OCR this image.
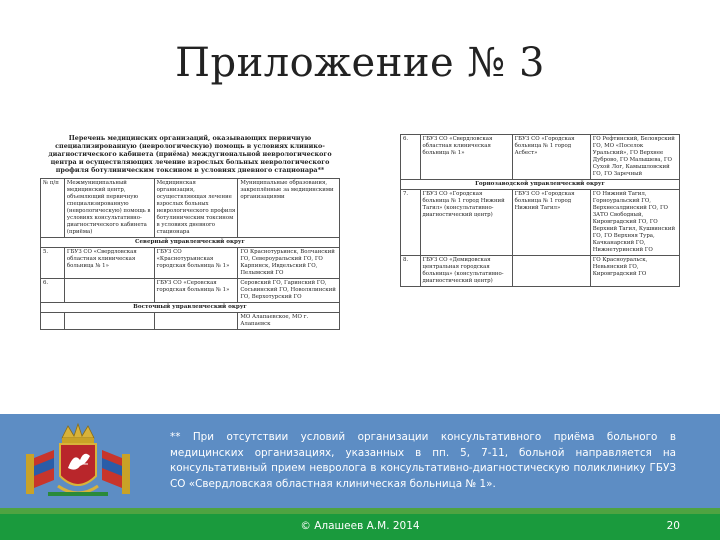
Приложение № 3
Перечень медицинских организаций, оказывающих первичную специализированную (неврологическую) помощь в условиях клинико-диагностического кабинета (приёма) междугиональной неврологического центра и осуществляющих лечение взрослых больных неврологического профиля ботулиническим токсином в условиях дневного стационара**
№ п/п	Межмуниципальный медицинский центр, объемлющий первичную специализированную (неврологическую) помощь в условиях консультативно-диагностического кабинета (приёма)	Медицинская организация, осуществляющая лечение взрослых больных неврологического профиля ботулиническим токсином в условиях дневного стационара	Муниципальные образования, закреплённые за медицинскими организациями
Северный управленческий округ			
5.	ГБУЗ СО «Свердловская областная клиническая больница № 1»	ГБУЗ СО «Краснотурьинская городская больница № 1»	ГО Краснотурьинск, Волчанский ГО, Североуральский ГО, ГО Карпинск, Ивдельский ГО, Пелымский ГО
6.		ГБУЗ СО «Серовская городская больница № 1»	Серовский ГО, Гаринский ГО, Сосьвинский ГО, Новолялинский ГО, Верхотурский ГО
Восточный управленческий округ			
			МО Алапаевское, МО г. Алапаевск
6.	ГБУЗ СО «Свердловская областная клиническая больница № 1»	ГБУЗ СО «Городская больница № 1 город Асбест»	ГО Рефтинский, Белоярский ГО, МО «Поселок Уральский», ГО Верхнее Дуброво, ГО Малышева, ГО Сухой Лог, Камышловский ГО, ГО Заречный
Горнозаводской управленческий округ			
7.	ГБУЗ СО «Городская больница № 1 город Нижний Тагил» (консультативно-диагностический центр)	ГБУЗ СО «Городская больница № 1 город Нижний Тагил»	ГО Нижний Тагил, Горноуральский ГО, Верхнесалдинский ГО, ГО ЗАТО Свободный, Кировградский ГО, ГО Верхний Тагил, Кушвинский ГО, ГО Верхняя Тура, Качканарский ГО, Нижнетуринский ГО
8.	ГБУЗ СО «Демидовская центральная городская больница» (консультативно-диагностический центр)		ГО Красноуральск, Невьянский ГО, Кировградский ГО
** При отсутствии условий организации консультативного приёма больного в медицинских организациях, указанных в пп. 5, 7-11, больной направляется на консультативный прием невролога в консультативно-диагностическую поликлинику ГБУЗ СО «Свердловская областная клиническая больница № 1».
© Алашеев А.М. 2014	20
